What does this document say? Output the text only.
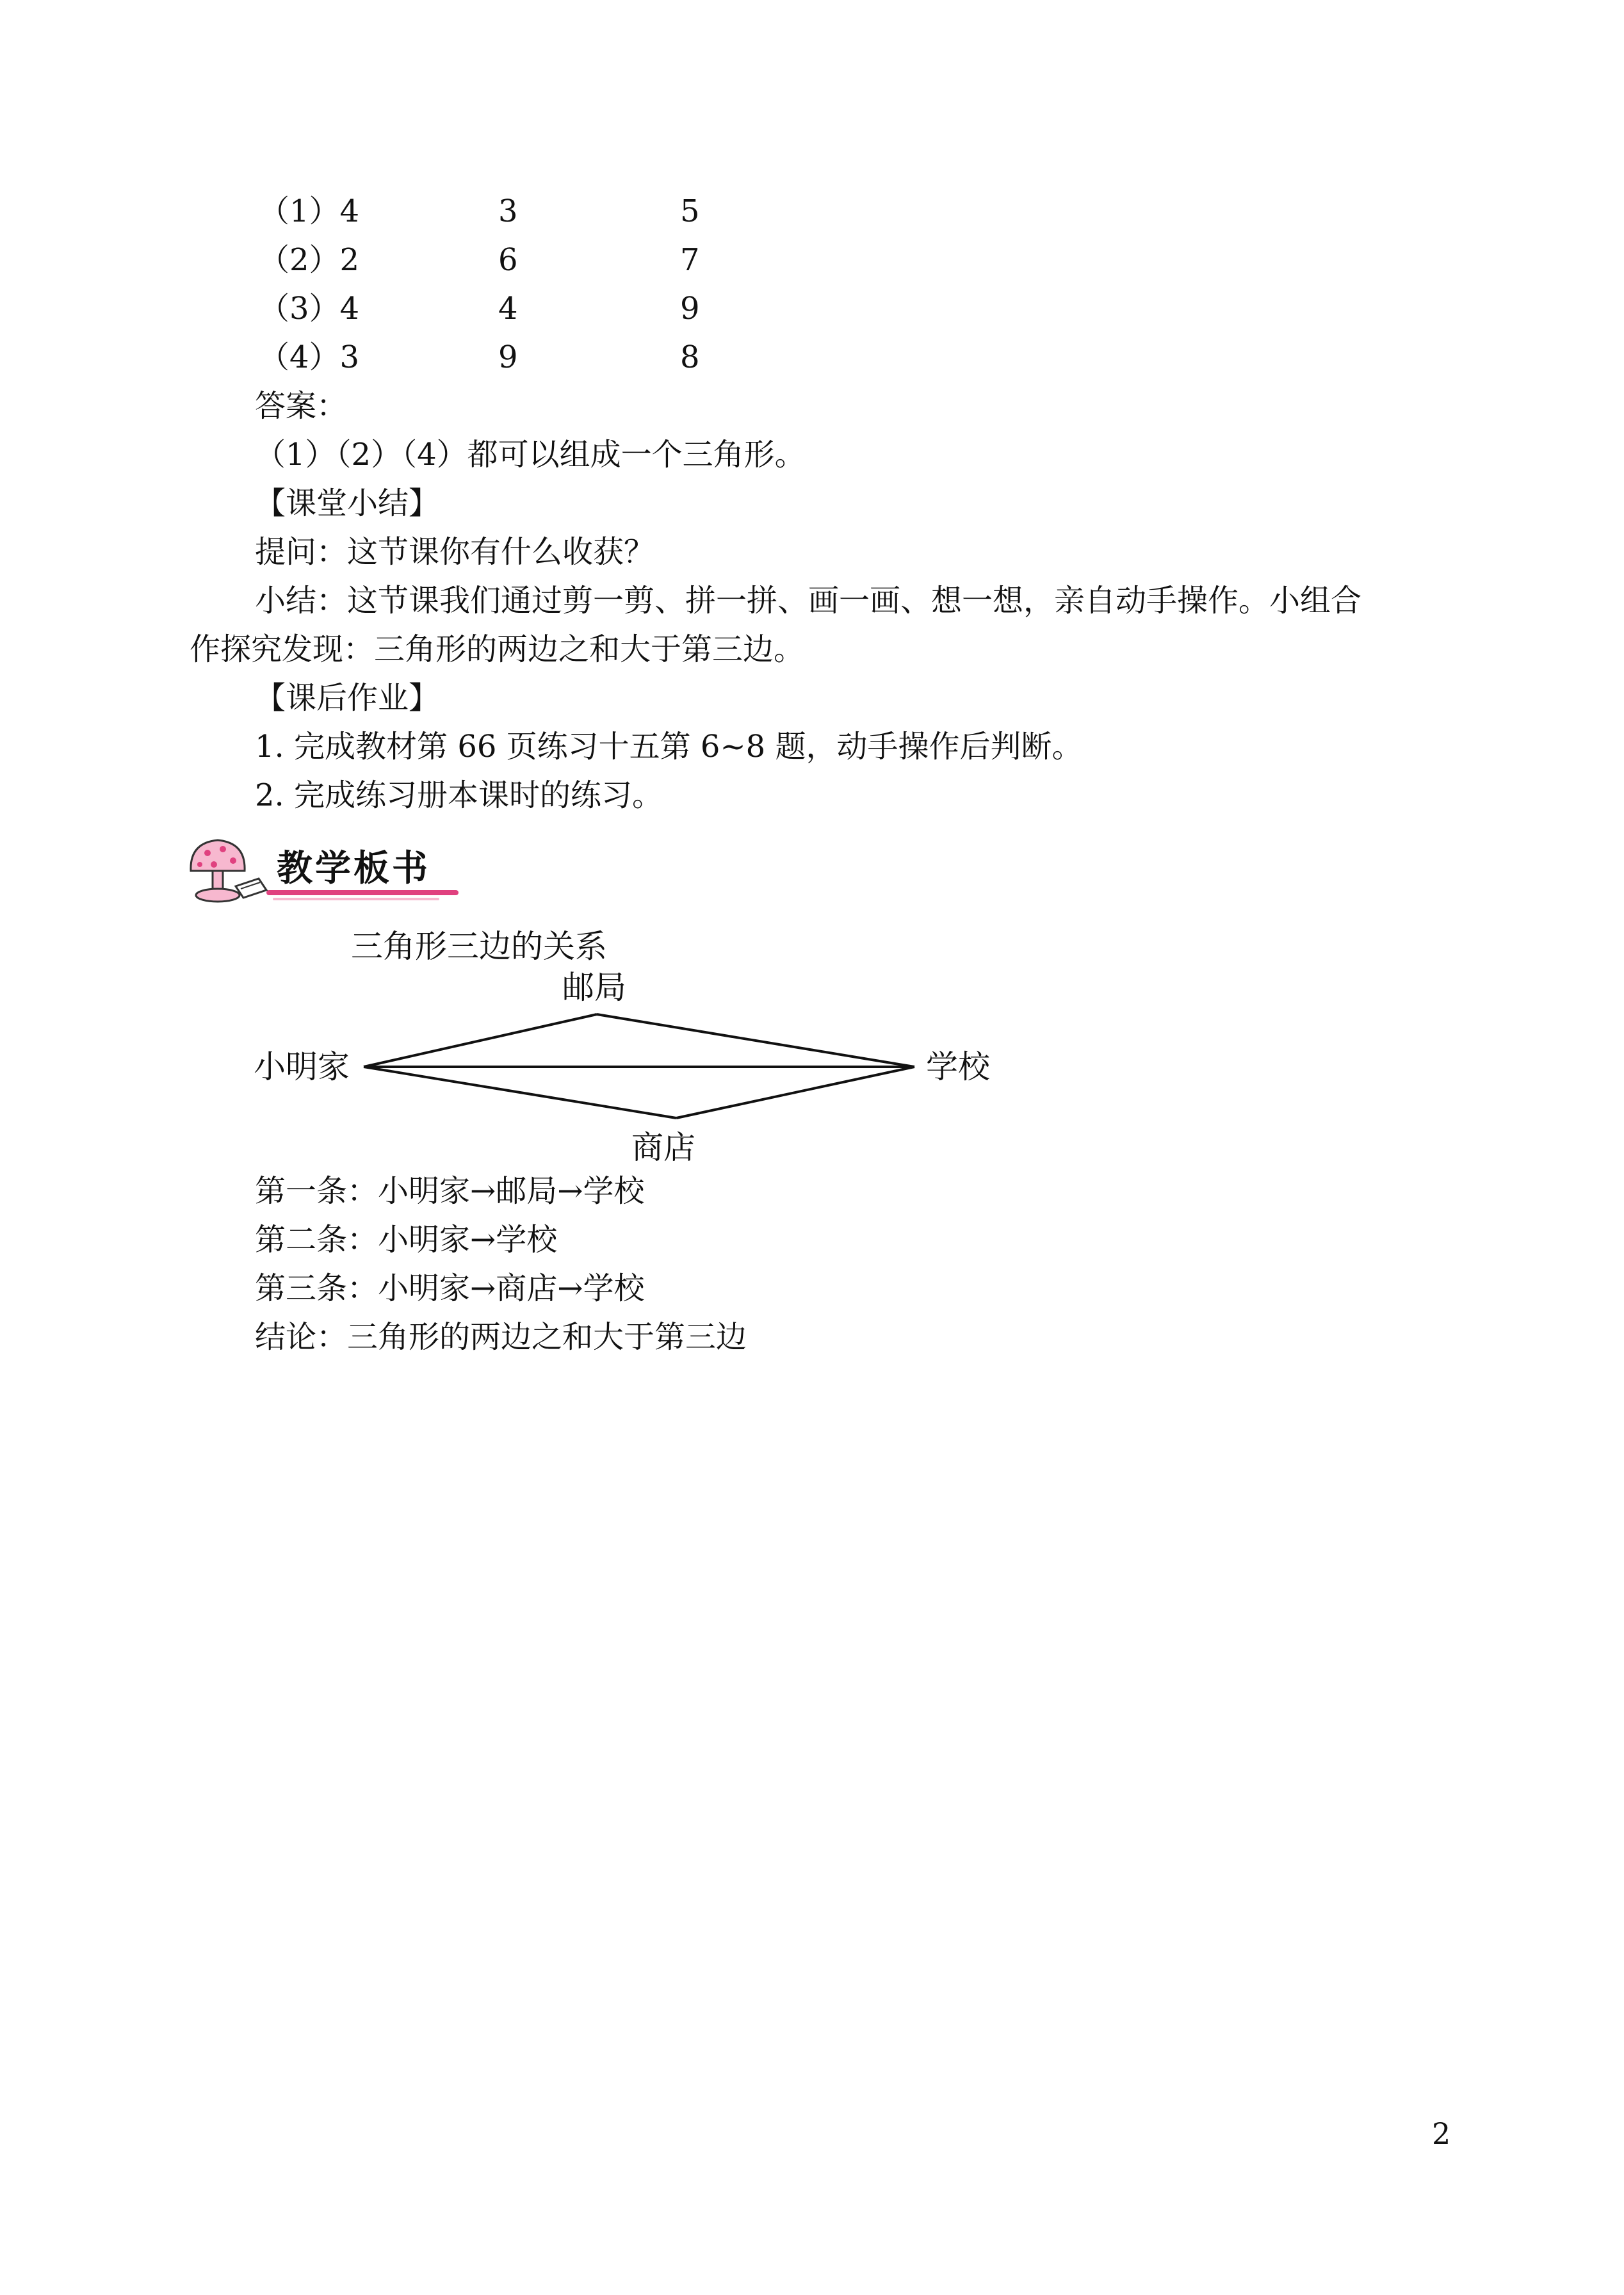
（1）4	3	5
（2）2	6	7
（3）4	4	9
（4）3	9	8
答案：
（1）（2）（4）都可以组成一个三角形。
【课堂小结】
提问：这节课你有什么收获？
小结：这节课我们通过剪一剪、拼一拼、画一画、想一想，亲自动手操作。小组合
作探究发现：三角形的两边之和大于第三边。
【课后作业】
1. 完成教材第 66 页练习十五第 6~8 题，动手操作后判断。
2. 完成练习册本课时的练习。
教学板书
三角形三边的关系
邮局
小明家	学校
商店
第一条：小明家→邮局→学校
第二条：小明家→学校
第三条：小明家→商店→学校
结论：三角形的两边之和大于第三边
2
